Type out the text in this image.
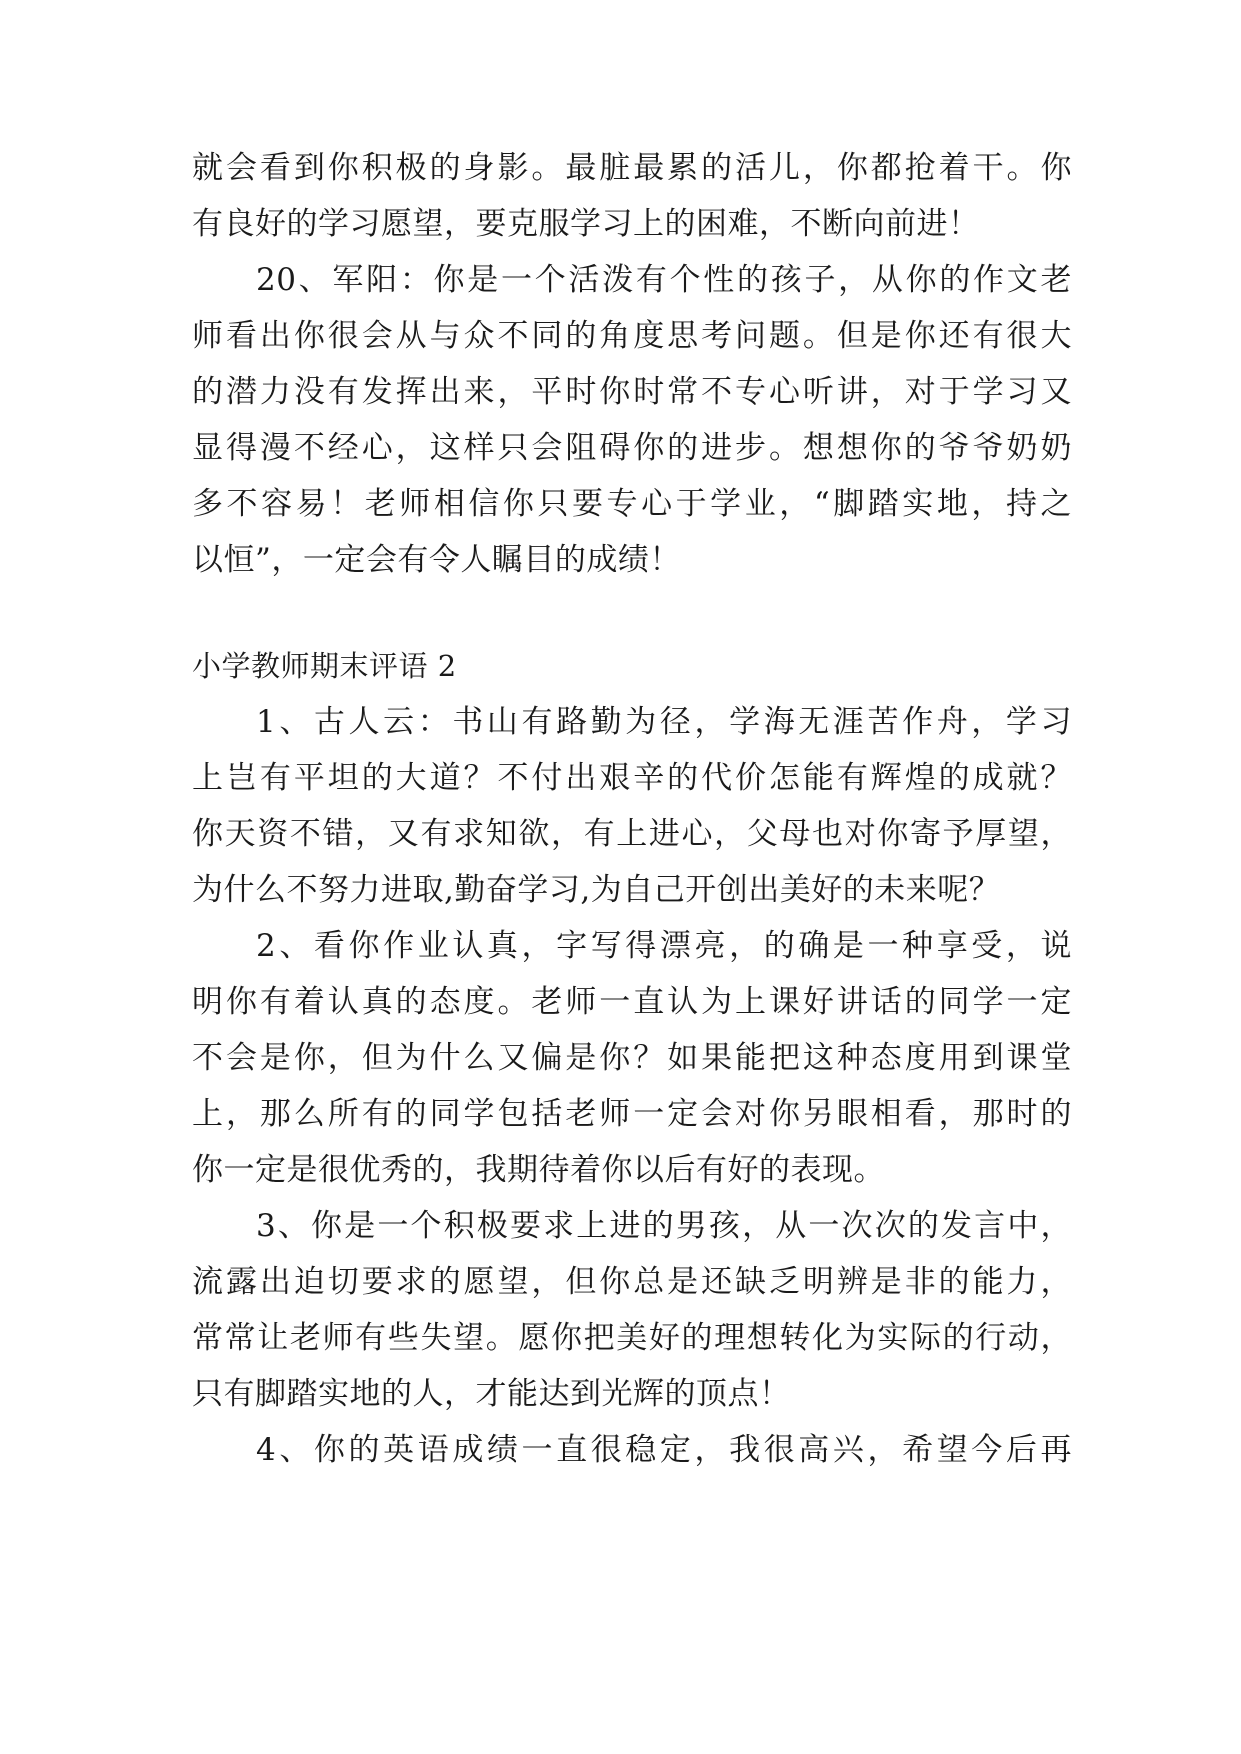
就会看到你积极的身影。最脏最累的活儿，你都抢着干。你
有良好的学习愿望，要克服学习上的困难，不断向前进！
20、军阳：你是一个活泼有个性的孩子，从你的作文老
师看出你很会从与众不同的角度思考问题。但是你还有很大
的潜力没有发挥出来，平时你时常不专心听讲，对于学习又
显得漫不经心，这样只会阻碍你的进步。想想你的爷爷奶奶
多不容易！老师相信你只要专心于学业，“脚踏实地，持之
以恒”，一定会有令人瞩目的成绩！
小学教师期末评语 2
1、古人云：书山有路勤为径，学海无涯苦作舟，学习
上岂有平坦的大道？不付出艰辛的代价怎能有辉煌的成就？
你天资不错，又有求知欲，有上进心，父母也对你寄予厚望，
为什么不努力进取,勤奋学习,为自己开创出美好的未来呢？
2、看你作业认真，字写得漂亮，的确是一种享受，说
明你有着认真的态度。老师一直认为上课好讲话的同学一定
不会是你，但为什么又偏是你？如果能把这种态度用到课堂
上，那么所有的同学包括老师一定会对你另眼相看，那时的
你一定是很优秀的，我期待着你以后有好的表现。
3、你是一个积极要求上进的男孩，从一次次的发言中，
流露出迫切要求的愿望，但你总是还缺乏明辨是非的能力，
常常让老师有些失望。愿你把美好的理想转化为实际的行动，
只有脚踏实地的人，才能达到光辉的顶点！
4、你的英语成绩一直很稳定，我很高兴，希望今后再
